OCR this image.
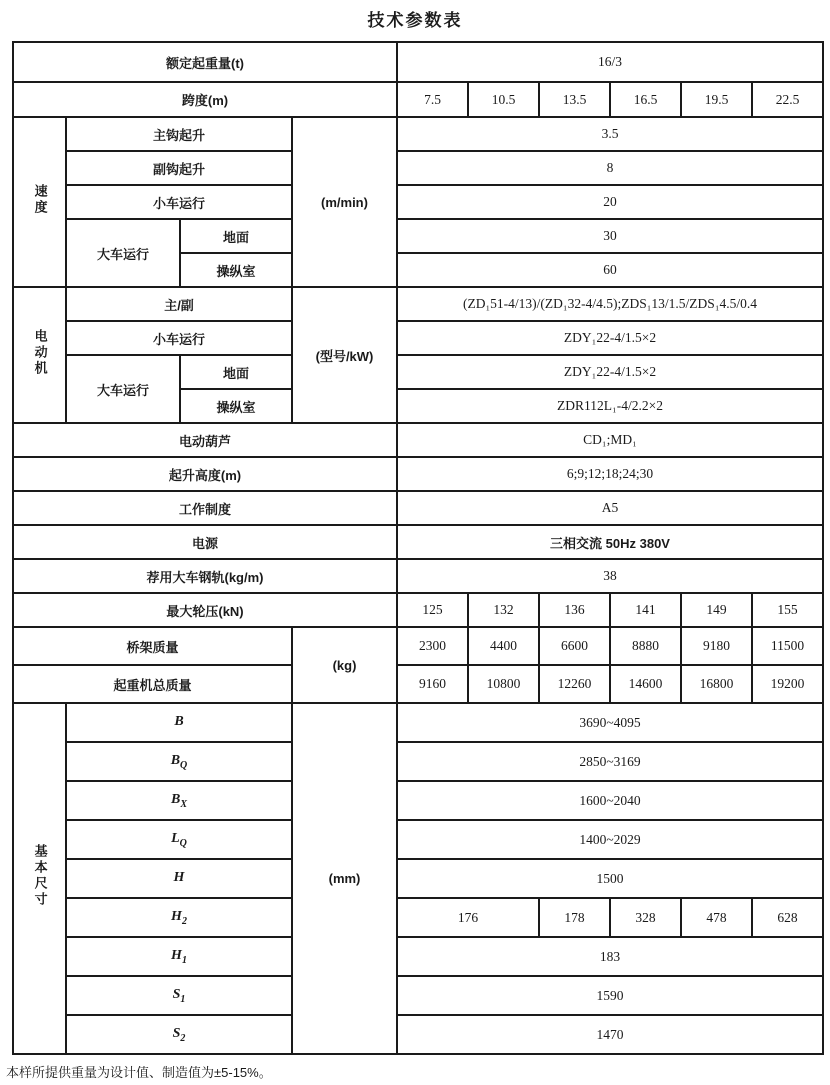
技术参数表
额定起重量(t)				16/3					
跨度(m)				7.5	10.5	13.5	16.5	19.5	22.5
速度	主钩起升		(m/min)	3.5					
	副钩起升			8					
	小车运行			20					
	大车运行	地面		30					
		操纵室		60					
电动机	主/副		(型号/kW)	(ZD₁51-4/13)/(ZD₁32-4/4.5);ZDS₁13/1.5/ZDS₁4.5/0.4					
	小车运行			ZDY₁22-4/1.5×2					
	大车运行	地面		ZDY₁22-4/1.5×2					
		操纵室		ZDR112L₁-4/2.2×2					
电动葫芦				CD₁;MD₁					
起升高度(m)				6;9;12;18;24;30					
工作制度				A5					
电源				三相交流 50Hz 380V					
荐用大车钢轨(kg/m)				38					
最大轮压(kN)				125	132	136	141	149	155
桥架质量			(kg)	2300	4400	6600	8880	9180	11500
起重机总质量				9160	10800	12260	14600	16800	19200
基本尺寸	B		(mm)	3690~4095					
	$B_Q$			2850~3169					
	$B_X$			1600~2040					
	$L_Q$			1400~2029					
	H			1500					
	$H_2$			176		178	328	478	628
	$H_1$			183					
	$S_1$			1590					
	$S_2$			1470					
本样所提供重量为设计值、制造值为±5-15%。
